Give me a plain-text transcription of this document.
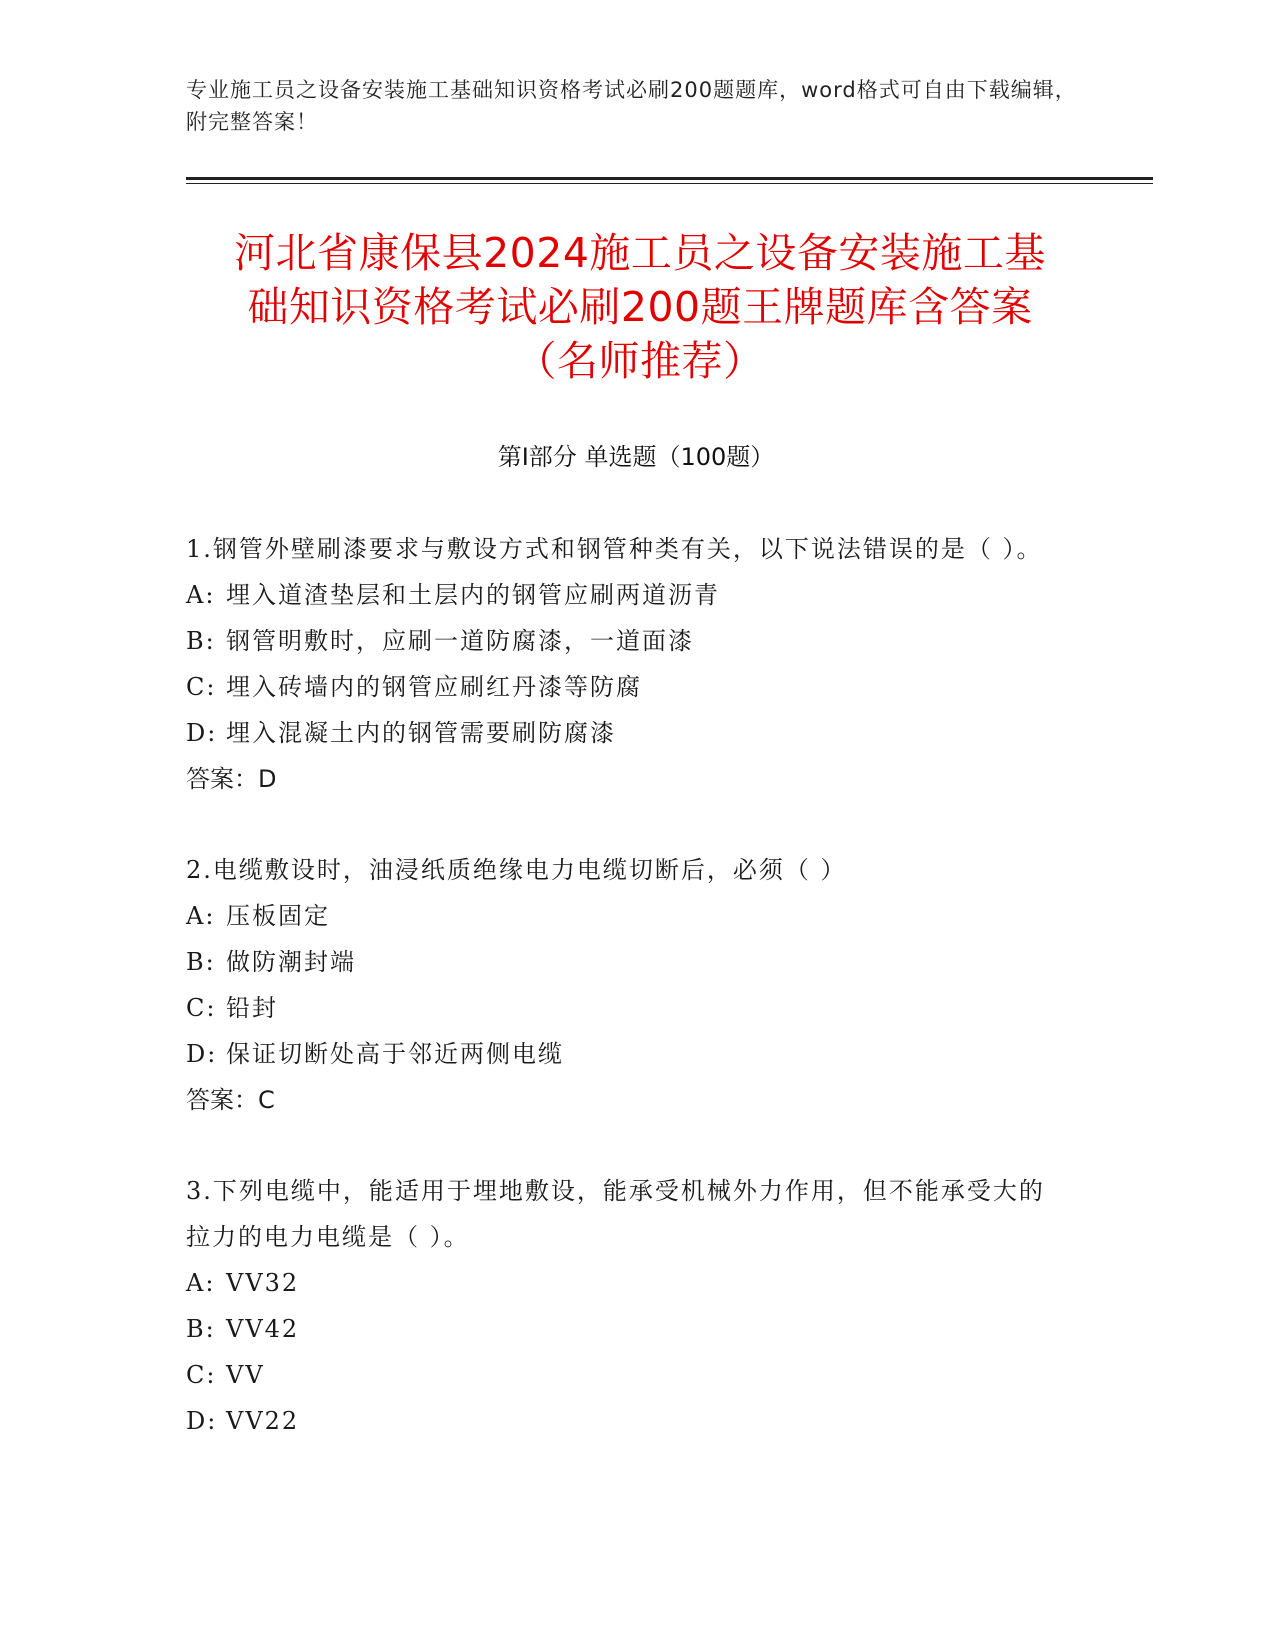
专业施工员之设备安装施工基础知识资格考试必刷200题题库，word格式可自由下载编辑，附完整答案！
河北省康保县2024施工员之设备安装施工基
础知识资格考试必刷200题王牌题库含答案
（名师推荐）
第Ⅰ部分 单选题（100题）
1.钢管外壁刷漆要求与敷设方式和钢管种类有关，以下说法错误的是（ ）。
A: 埋入道渣垫层和土层内的钢管应刷两道沥青
B: 钢管明敷时，应刷一道防腐漆，一道面漆
C: 埋入砖墙内的钢管应刷红丹漆等防腐
D: 埋入混凝土内的钢管需要刷防腐漆
答案：D
2.电缆敷设时，油浸纸质绝缘电力电缆切断后，必须（ ）
A: 压板固定
B: 做防潮封端
C: 铅封
D: 保证切断处高于邻近两侧电缆
答案：C
3.下列电缆中，能适用于埋地敷设，能承受机械外力作用，但不能承受大的拉力的电力电缆是（ ）。
A: VV32
B: VV42
C: VV
D: VV22
